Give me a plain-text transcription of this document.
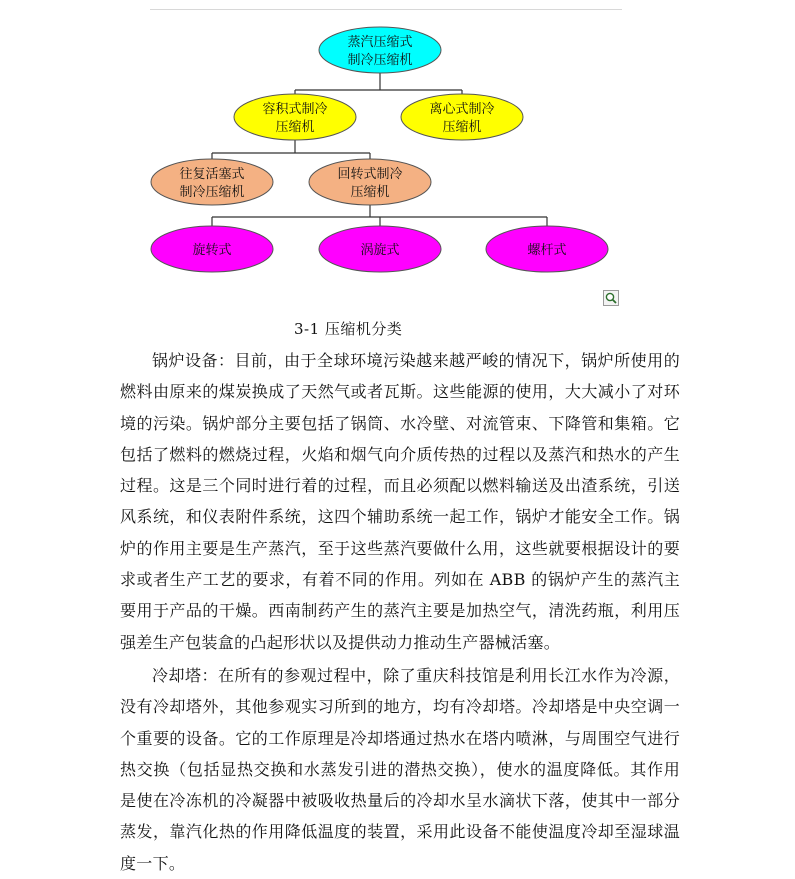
蒸汽压缩式
制冷压缩机
容积式制冷
压缩机
离心式制冷
压缩机
往复活塞式
制冷压缩机
回转式制冷
压缩机
旋转式	涡旋式	螺杆式
3-1 压缩机分类

锅炉设备：目前，由于全球环境污染越来越严峻的情况下，锅炉所使用的燃料由原来的煤炭换成了天然气或者瓦斯。这些能源的使用，大大减小了对环境的污染。锅炉部分主要包括了锅筒、水冷壁、对流管束、下降管和集箱。它包括了燃料的燃烧过程，火焰和烟气向介质传热的过程以及蒸汽和热水的产生过程。这是三个同时进行着的过程，而且必须配以燃料输送及出渣系统，引送风系统，和仪表附件系统，这四个辅助系统一起工作，锅炉才能安全工作。锅炉的作用主要是生产蒸汽，至于这些蒸汽要做什么用，这些就要根据设计的要求或者生产工艺的要求，有着不同的作用。列如在 ABB 的锅炉产生的蒸汽主要用于产品的干燥。西南制药产生的蒸汽主要是加热空气，清洗药瓶，利用压强差生产包装盒的凸起形状以及提供动力推动生产器械活塞。

冷却塔：在所有的参观过程中，除了重庆科技馆是利用长江水作为冷源，没有冷却塔外，其他参观实习所到的地方，均有冷却塔。冷却塔是中央空调一个重要的设备。它的工作原理是冷却塔通过热水在塔内喷淋，与周围空气进行热交换（包括显热交换和水蒸发引进的潜热交换），使水的温度降低。其作用是使在冷冻机的冷凝器中被吸收热量后的冷却水呈水滴状下落，使其中一部分蒸发，靠汽化热的作用降低温度的装置，采用此设备不能使温度冷却至湿球温度一下。
